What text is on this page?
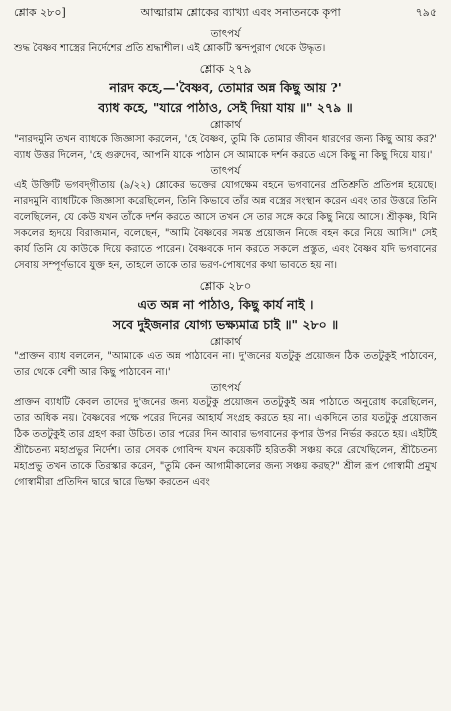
শ্লোক ২৮০]	আত্মারাম শ্লোকের ব্যাখ্যা এবং সনাতনকে কৃপা	৭৯৫

তাৎপর্য

শুদ্ধ বৈষ্ণব শাস্ত্রের নির্দেশের প্রতি শ্রদ্ধাশীল। এই শ্লোকটি স্কন্দপুরাণ থেকে উদ্ধৃত।

শ্লোক ২৭৯

নারদ কহে,—'বৈষ্ণব, তোমার অন্ন কিছু আয় ?'

ব্যাধ কহে, "যারে পাঠাও, সেই দিয়া যায় ॥" ২৭৯ ॥

শ্লোকার্থ

"নারদমুনি তখন ব্যাধকে জিজ্ঞাসা করলেন, 'হে বৈষ্ণব, তুমি কি তোমার জীবন ধারণের জন্য কিছু আয় কর?' ব্যাধ উত্তর দিলেন, 'হে গুরুদেব, আপনি যাকে পাঠান সে আমাকে দর্শন করতে এসে কিছু না কিছু দিয়ে যায়।'

তাৎপর্য

এই উক্তিটি ভগবদ্‌গীতায় (৯/২২) শ্লোকের ভক্তের যোগক্ষেম বহনে ভগবানের প্রতিশ্রুতি প্রতিপন্ন হয়েছে। নারদমুনি ব্যাধটিকে জিজ্ঞাসা করেছিলেন, তিনি কিভাবে তাঁর অন্ন বস্ত্রের সংস্থান করেন এবং তার উত্তরে তিনি বলেছিলেন, যে কেউ যখন তাঁকে দর্শন করতে আসে তখন সে তার সঙ্গে করে কিছু নিয়ে আসে। শ্রীকৃষ্ণ, যিনি সকলের হৃদয়ে বিরাজমান, বলেছেন, "আমি বৈষ্ণবের সমস্ত প্রয়োজন নিজে বহন করে নিয়ে আসি।" সেই কার্য তিনি যে কাউকে দিয়ে করাতে পারেন। বৈষ্ণবকে দান করতে সকলে প্রস্তুত, এবং বৈষ্ণব যদি ভগবানের সেবায় সম্পূর্ণভাবে যুক্ত হন, তাহলে তাকে তার ভরণ-পোষণের কথা ভাবতে হয় না।

শ্লোক ২৮০

এত অন্ন না পাঠাও, কিছু কার্য নাই ।

সবে দুইজনার যোগ্য ভক্ষ্যমাত্র চাই ॥" ২৮০ ॥

শ্লোকার্থ

"প্রাক্তন ব্যাধ বললেন, "আমাকে এত অন্ন পাঠাবেন না। দু'জনের যতটুকু প্রয়োজন ঠিক ততটুকুই পাঠাবেন, তার থেকে বেশী আর কিছু পাঠাবেন না।'

তাৎপর্য

প্রাক্তন ব্যাধটি কেবল তাদের দু'জনের জন্য যতটুকু প্রয়োজন ততটুকুই অন্ন পাঠাতে অনুরোধ করেছিলেন, তার অধিক নয়। বৈষ্ণবের পক্ষে পরের দিনের আহার্য সংগ্রহ করতে হয় না। একদিনে তার যতটুকু প্রয়োজন ঠিক ততটুকুই তার গ্রহণ করা উচিত। তার পরের দিন আবার ভগবানের কৃপার উপর নির্ভর করতে হয়। এইটিই শ্রীচৈতন্য মহাপ্রভুর নির্দেশ। তার সেবক গোবিন্দ যখন কয়েকটি হরিতকী সঞ্চয় করে রেখেছিলেন, শ্রীচৈতন্য মহাপ্রভু তখন তাকে তিরস্কার করেন, "তুমি কেন আগামীকালের জন্য সঞ্চয় করছ?" শ্রীল রূপ গোস্বামী প্রমুখ গোস্বামীরা প্রতিদিন দ্বারে দ্বারে ভিক্ষা করতেন এবং
